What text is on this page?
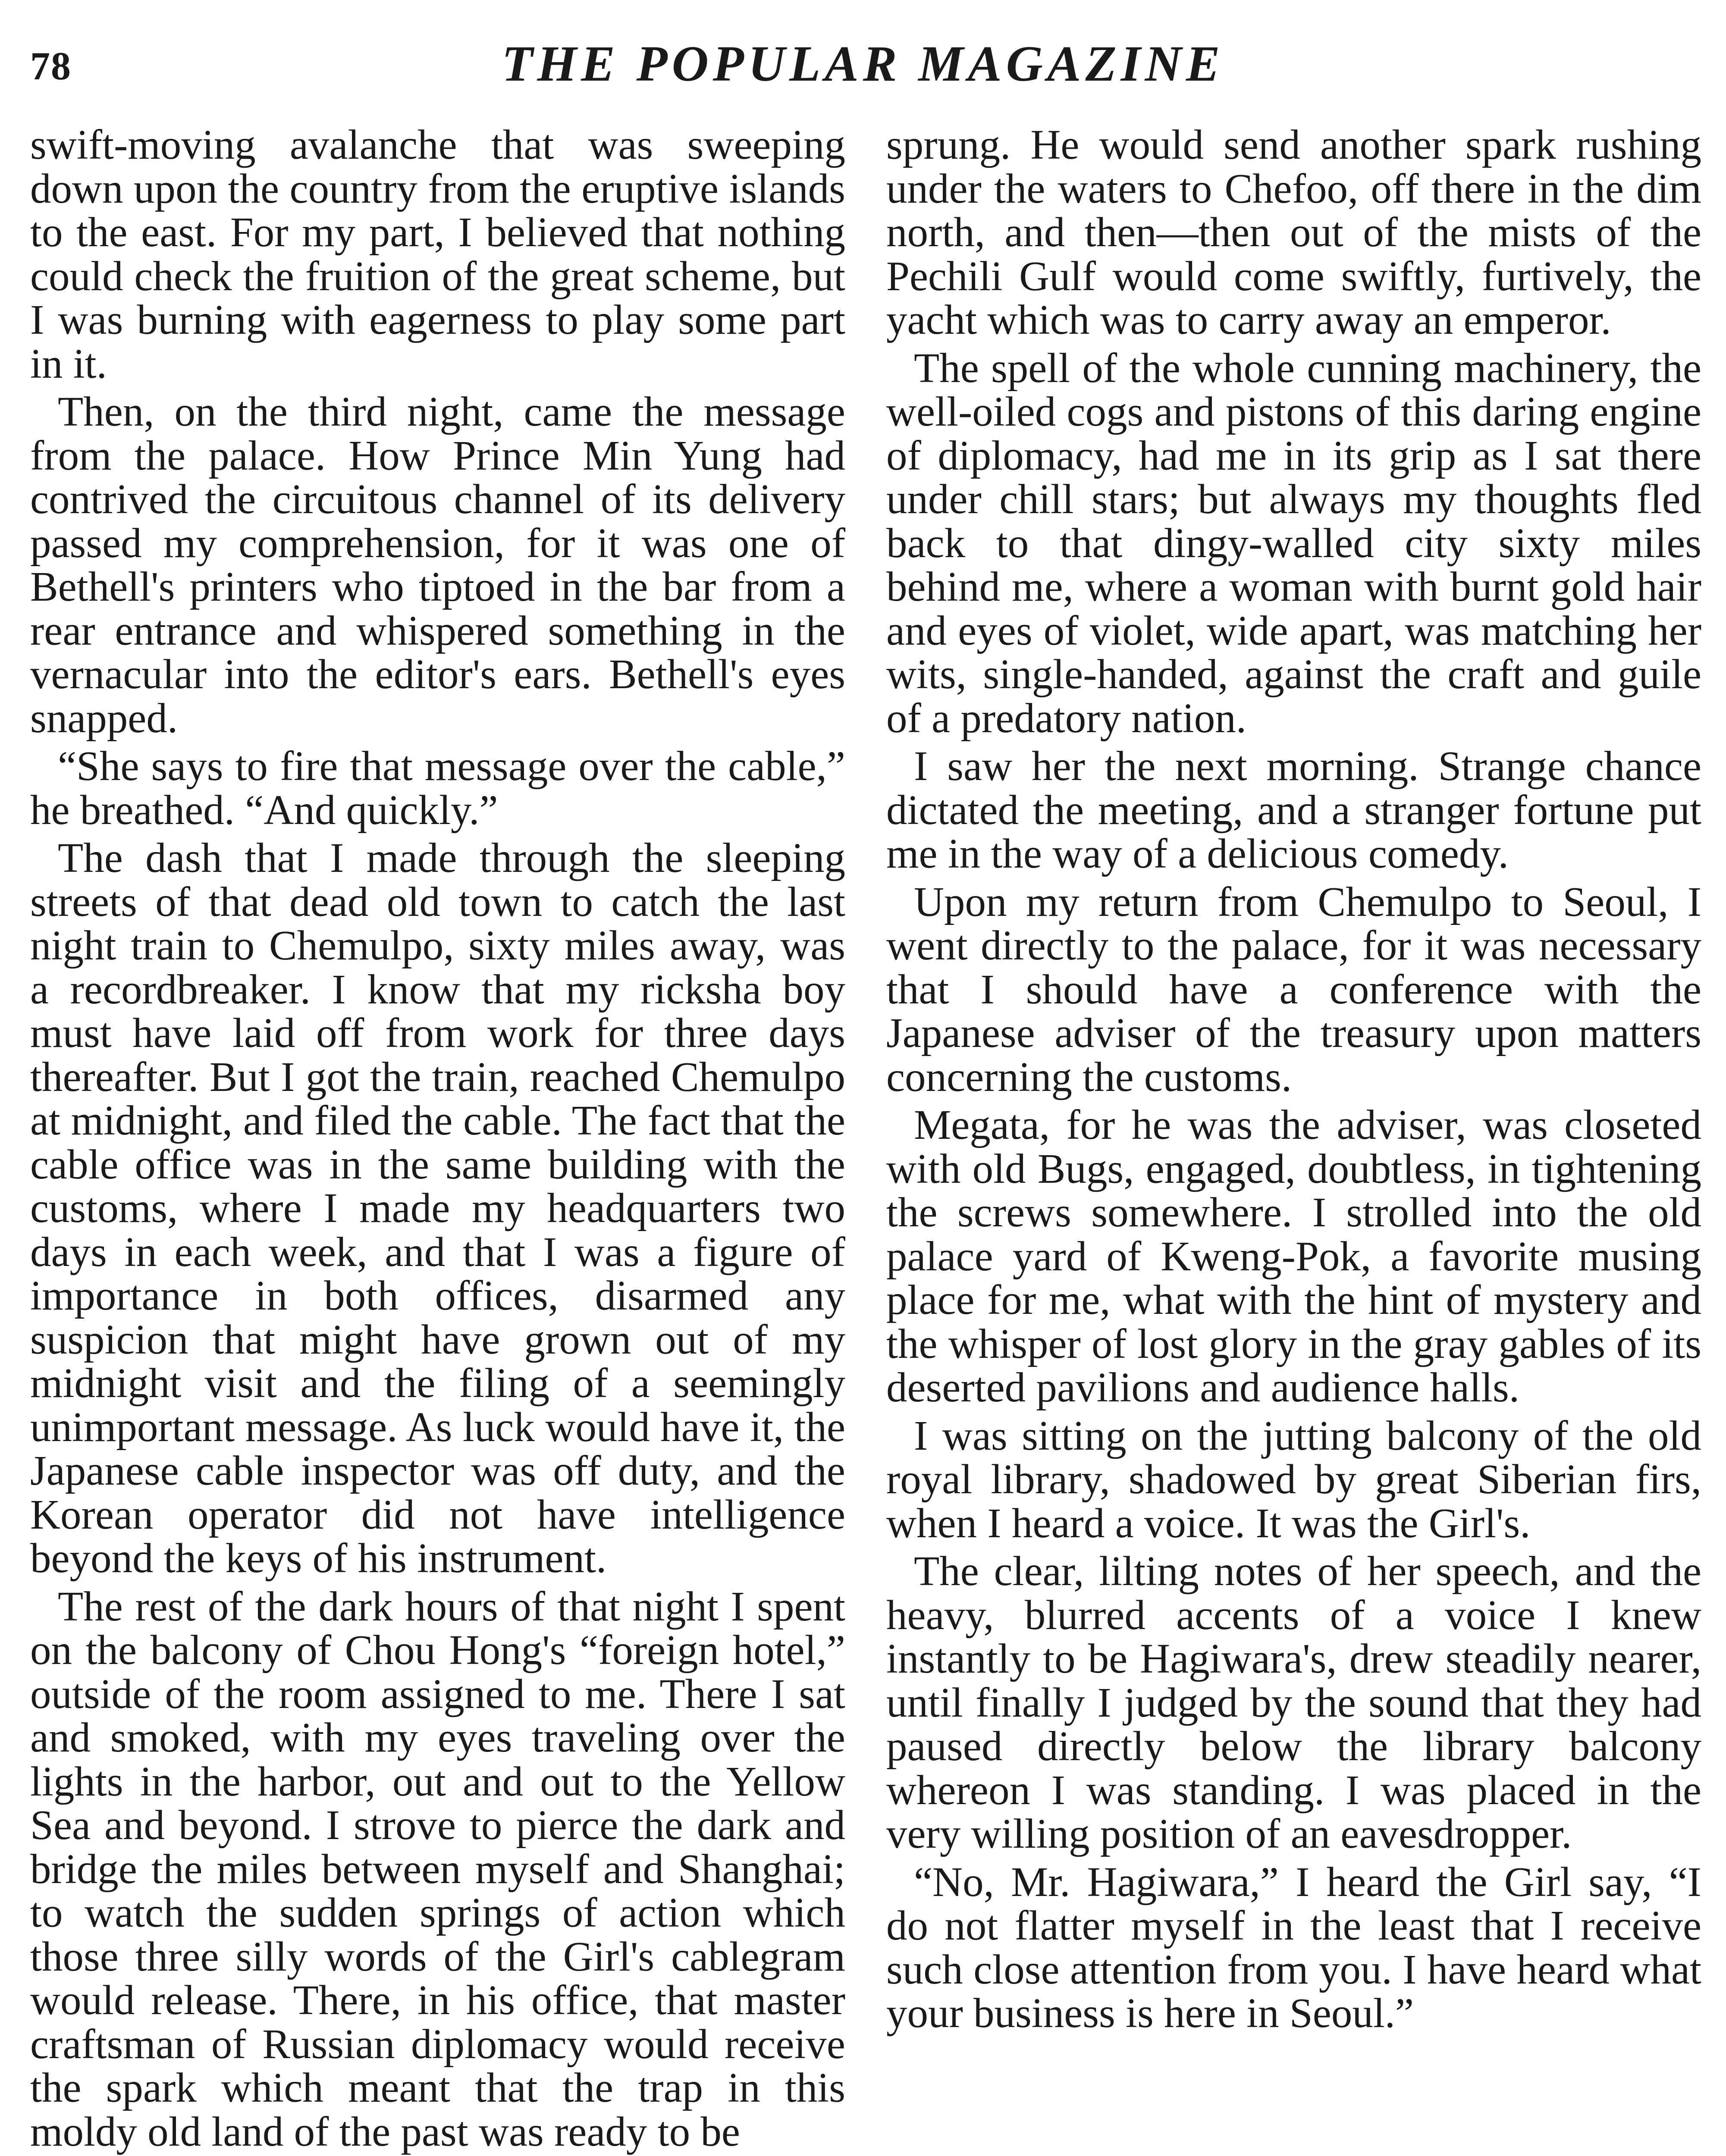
78	THE POPULAR MAGAZINE

swift-moving avalanche that was sweeping down upon the country from the eruptive islands to the east. For my part, I believed that nothing could check the fruition of the great scheme, but I was burning with eagerness to play some part in it.

Then, on the third night, came the message from the palace. How Prince Min Yung had contrived the circuitous channel of its delivery passed my comprehension, for it was one of Bethell's printers who tiptoed in the bar from a rear entrance and whispered something in the vernacular into the editor's ears. Bethell's eyes snapped.

“She says to fire that message over the cable,” he breathed. “And quickly.”

The dash that I made through the sleeping streets of that dead old town to catch the last night train to Chemulpo, sixty miles away, was a recordbreaker. I know that my ricksha boy must have laid off from work for three days thereafter. But I got the train, reached Chemulpo at midnight, and filed the cable. The fact that the cable office was in the same building with the customs, where I made my headquarters two days in each week, and that I was a figure of importance in both offices, disarmed any suspicion that might have grown out of my midnight visit and the filing of a seemingly unimportant message. As luck would have it, the Japanese cable inspector was off duty, and the Korean operator did not have intelligence beyond the keys of his instrument.

The rest of the dark hours of that night I spent on the balcony of Chou Hong's “foreign hotel,” outside of the room assigned to me. There I sat and smoked, with my eyes traveling over the lights in the harbor, out and out to the Yellow Sea and beyond. I strove to pierce the dark and bridge the miles between myself and Shanghai; to watch the sudden springs of action which those three silly words of the Girl's cablegram would release. There, in his office, that master craftsman of Russian diplomacy would receive the spark which meant that the trap in this moldy old land of the past was ready to be

sprung. He would send another spark rushing under the waters to Chefoo, off there in the dim north, and then—then out of the mists of the Pechili Gulf would come swiftly, furtively, the yacht which was to carry away an emperor.

The spell of the whole cunning machinery, the well-oiled cogs and pistons of this daring engine of diplomacy, had me in its grip as I sat there under chill stars; but always my thoughts fled back to that dingy-walled city sixty miles behind me, where a woman with burnt gold hair and eyes of violet, wide apart, was matching her wits, single-handed, against the craft and guile of a predatory nation.

I saw her the next morning. Strange chance dictated the meeting, and a stranger fortune put me in the way of a delicious comedy.

Upon my return from Chemulpo to Seoul, I went directly to the palace, for it was necessary that I should have a conference with the Japanese adviser of the treasury upon matters concerning the customs.

Megata, for he was the adviser, was closeted with old Bugs, engaged, doubtless, in tightening the screws somewhere. I strolled into the old palace yard of Kweng-Pok, a favorite musing place for me, what with the hint of mystery and the whisper of lost glory in the gray gables of its deserted pavilions and audience halls.

I was sitting on the jutting balcony of the old royal library, shadowed by great Siberian firs, when I heard a voice. It was the Girl's.

The clear, lilting notes of her speech, and the heavy, blurred accents of a voice I knew instantly to be Hagiwara's, drew steadily nearer, until finally I judged by the sound that they had paused directly below the library balcony whereon I was standing. I was placed in the very willing position of an eavesdropper.

“No, Mr. Hagiwara,” I heard the Girl say, “I do not flatter myself in the least that I receive such close attention from you. I have heard what your business is here in Seoul.”
